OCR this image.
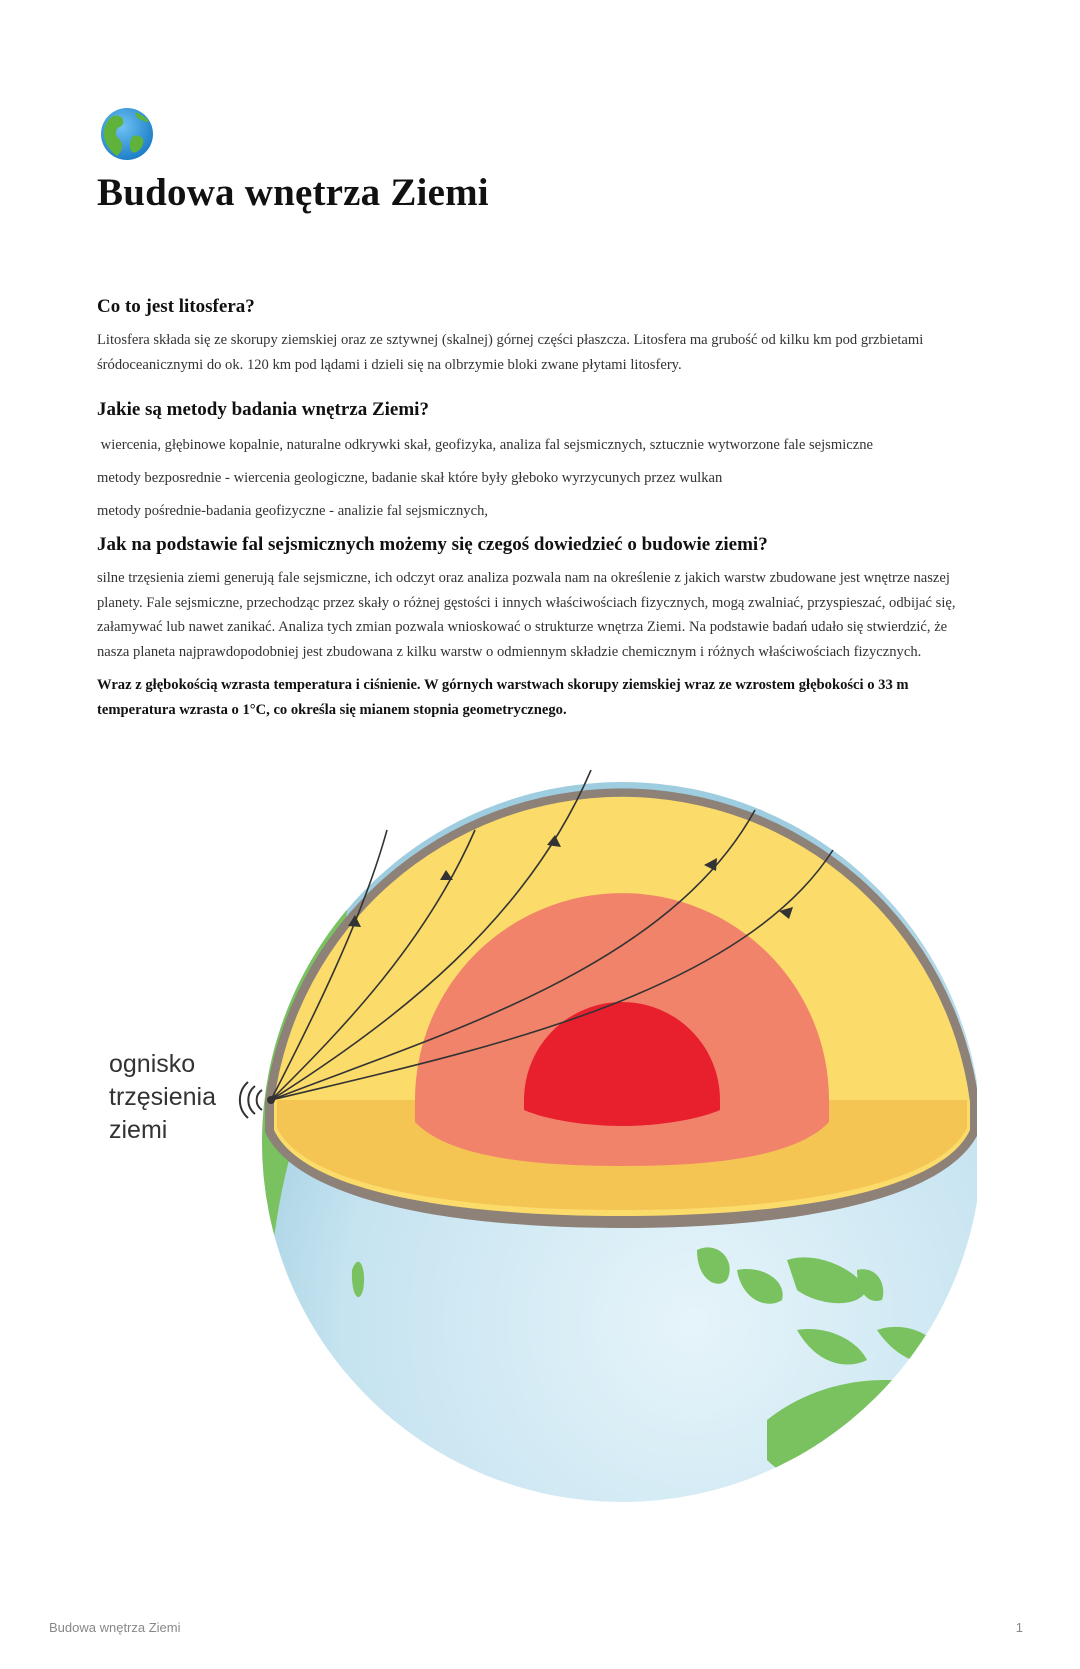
Budowa wnętrza Ziemi
Co to jest litosfera?

Litosfera składa się ze skorupy ziemskiej oraz ze sztywnej (skalnej) górnej części płaszcza. Litosfera ma grubość od kilku km pod grzbietami śródoceanicznymi do ok. 120 km pod lądami i dzieli się na olbrzymie bloki zwane płytami litosfery.

Jakie są metody badania wnętrza Ziemi?
wiercenia, głębinowe kopalnie, naturalne odkrywki skał, geofizyka, analiza fal sejsmicznych, sztucznie wytworzone fale sejsmiczne
metody bezposrednie - wiercenia geologiczne, badanie skał które były głeboko wyrzycunych przez wulkan
metody pośrednie-badania geofizyczne - analizie fal sejsmicznych,
Jak na podstawie fal sejsmicznych możemy się czegoś dowiedzieć o budowie ziemi?

silne trzęsienia ziemi generują fale sejsmiczne, ich odczyt oraz analiza pozwala nam na określenie z jakich warstw zbudowane jest wnętrze naszej planety. Fale sejsmiczne, przechodząc przez skały o różnej gęstości i innych właściwościach fizycznych, mogą zwalniać, przyspieszać, odbijać się, załamywać lub nawet zanikać. Analiza tych zmian pozwala wnioskować o strukturze wnętrza Ziemi. Na podstawie badań udało się stwierdzić, że nasza planeta najprawdopodobniej jest zbudowana z kilku warstw o odmiennym składzie chemicznym i różnych właściwościach fizycznych.

Wraz z głębokością wzrasta temperatura i ciśnienie. W górnych warstwach skorupy ziemskiej wraz ze wzrostem głębokości o 33 m temperatura wzrasta o 1°C, co określa się mianem stopnia geometrycznego.

ognisko trzęsienia ziemi
Budowa wnętrza Ziemi	1
